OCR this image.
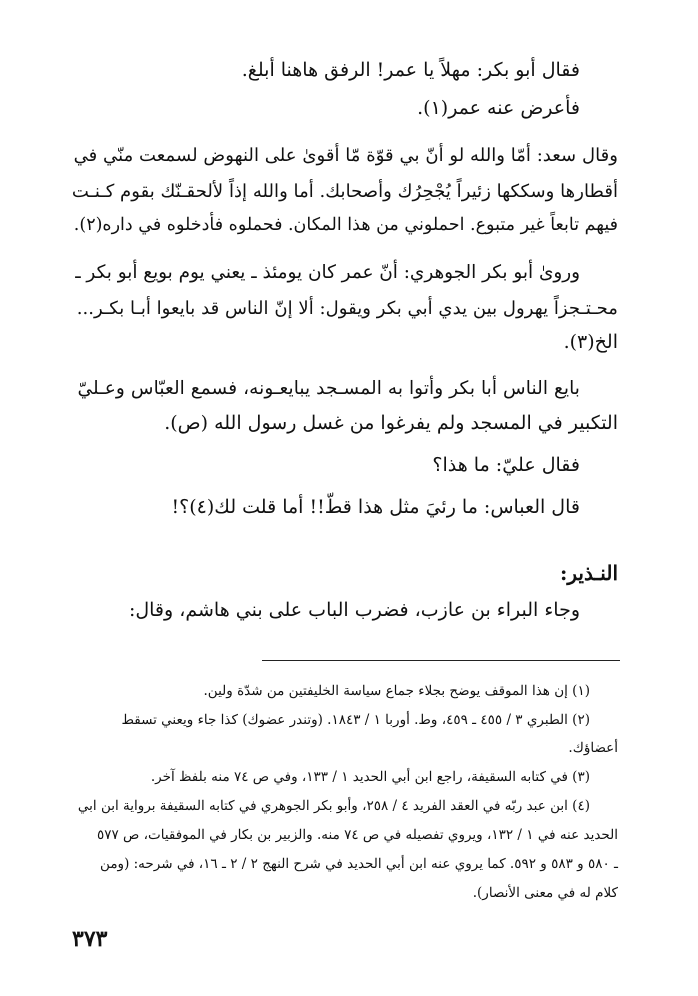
فقال أبو بكر: مهلاً يا عمر! الرفق هاهنا أبلغ.
فأعرض عنه عمر(١).
وقال سعد: أمّا والله لو أنّ بي قوّة مّا أقوىٰ على النهوض لسمعت منّي في
أقطارها وسككها زئيراً يُجْحِرُك وأصحابك. أما والله إذاً لألحقـنّك بقوم كـنـت
فيهم تابعاً غير متبوع. احملوني من هذا المكان. فحملوه فأدخلوه في داره(٢).
ورویٰ أبو بكر الجوهري: أنّ عمر كان يومئذ ـ يعني يوم بويع أبو بكر ـ
محـتـجزاً يهرول بين يدي أبي بكر ويقول: ألا إنّ الناس قد بايعوا أبـا بكـر...
الخ(٣).
بايع الناس أبا بكر وأتوا به المسـجد يبايعـونه، فسمع العبّاس وعـليّ
التكبير في المسجد ولم يفرغوا من غسل رسول الله (ص).
فقال عليّ: ما هذا؟
قال العباس: ما رئيَ مثل هذا قطّ!! أما قلت لك(٤)؟!
النـذير:
وجاء البراء بن عازب، فضرب الباب على بني هاشم، وقال:
(١) إن هذا الموقف يوضح بجلاء جماع سياسة الخليفتين من شدّة ولين.
(٢) الطبري ٣ / ٤٥٥ ـ ٤٥٩، وط. أوربا ١ / ١٨٤٣. (وتندر عضوك) كذا جاء ويعني تسقط
أعضاؤك.
(٣) في كتابه السقيفة، راجع ابن أبي الحديد ١ / ١٣٣، وفي ص ٧٤ منه بلفظ آخر.
(٤) ابن عبد ربّه في العقد الفريد ٤ / ٢٥٨، وأبو بكر الجوهري في كتابه السقيفة برواية ابن ابي
الحديد عنه في ١ / ١٣٢، ويروي تفصيله في ص ٧٤ منه. والزبير بن بكار في الموفقيات، ص ٥٧٧
ـ ٥٨٠ و ٥٨٣ و ٥٩٢. كما يروي عنه ابن أبي الحديد في شرح النهج ٢ / ٢ ـ ١٦، في شرحه: (ومن
كلام له في معنى الأنصار).
٣٧٣
